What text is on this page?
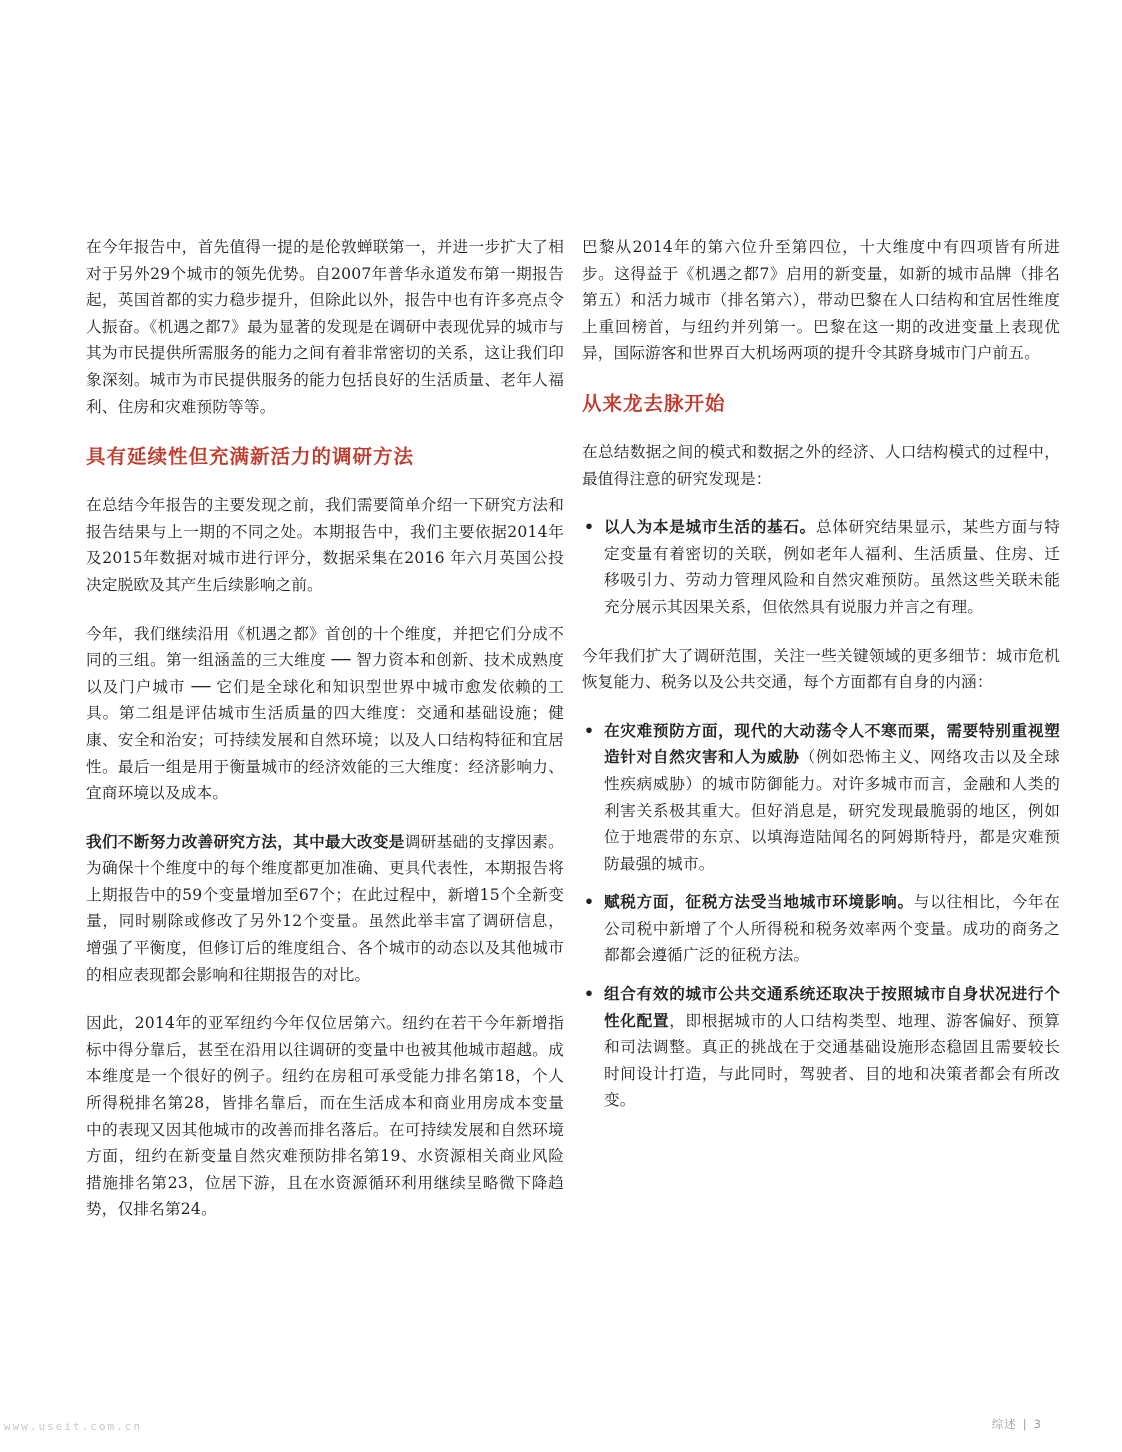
在今年报告中，首先值得一提的是伦敦蝉联第一，并进一步扩大了相对于另外29个城市的领先优势。自2007年普华永道发布第一期报告起，英国首都的实力稳步提升，但除此以外，报告中也有许多亮点令人振奋。《机遇之都7》最为显著的发现是在调研中表现优异的城市与其为市民提供所需服务的能力之间有着非常密切的关系，这让我们印象深刻。城市为市民提供服务的能力包括良好的生活质量、老年人福利、住房和灾难预防等等。

具有延续性但充满新活力的调研方法

在总结今年报告的主要发现之前，我们需要简单介绍一下研究方法和报告结果与上一期的不同之处。本期报告中，我们主要依据2014年及2015年数据对城市进行评分，数据采集在2016 年六月英国公投决定脱欧及其产生后续影响之前。

今年，我们继续沿用《机遇之都》首创的十个维度，并把它们分成不同的三组。第一组涵盖的三大维度 ── 智力资本和创新、技术成熟度以及门户城市 ── 它们是全球化和知识型世界中城市愈发依赖的工具。第二组是评估城市生活质量的四大维度：交通和基础设施；健康、安全和治安；可持续发展和自然环境；以及人口结构特征和宜居性。最后一组是用于衡量城市的经济效能的三大维度：经济影响力、宜商环境以及成本。

我们不断努力改善研究方法，其中最大改变是调研基础的支撑因素。为确保十个维度中的每个维度都更加准确、更具代表性，本期报告将上期报告中的59个变量增加至67个；在此过程中，新增15个全新变量，同时剔除或修改了另外12个变量。虽然此举丰富了调研信息，增强了平衡度，但修订后的维度组合、各个城市的动态以及其他城市的相应表现都会影响和往期报告的对比。

因此，2014年的亚军纽约今年仅位居第六。纽约在若干今年新增指标中得分靠后，甚至在沿用以往调研的变量中也被其他城市超越。成本维度是一个很好的例子。纽约在房租可承受能力排名第18，个人所得税排名第28，皆排名靠后，而在生活成本和商业用房成本变量中的表现又因其他城市的改善而排名落后。在可持续发展和自然环境方面，纽约在新变量自然灾难预防排名第19、水资源相关商业风险措施排名第23，位居下游，且在水资源循环利用继续呈略微下降趋势，仅排名第24。

巴黎从2014年的第六位升至第四位，十大维度中有四项皆有所进步。这得益于《机遇之都7》启用的新变量，如新的城市品牌（排名第五）和活力城市（排名第六），带动巴黎在人口结构和宜居性维度上重回榜首，与纽约并列第一。巴黎在这一期的改进变量上表现优异，国际游客和世界百大机场两项的提升令其跻身城市门户前五。

从来龙去脉开始

在总结数据之间的模式和数据之外的经济、人口结构模式的过程中，最值得注意的研究发现是：

• 以人为本是城市生活的基石。总体研究结果显示，某些方面与特定变量有着密切的关联，例如老年人福利、生活质量、住房、迁移吸引力、劳动力管理风险和自然灾难预防。虽然这些关联未能充分展示其因果关系，但依然具有说服力并言之有理。

今年我们扩大了调研范围，关注一些关键领域的更多细节：城市危机恢复能力、税务以及公共交通，每个方面都有自身的内涵：

• 在灾难预防方面，现代的大动荡令人不寒而栗，需要特别重视塑造针对自然灾害和人为威胁（例如恐怖主义、网络攻击以及全球性疾病威胁）的城市防御能力。对许多城市而言，金融和人类的利害关系极其重大。但好消息是，研究发现最脆弱的地区，例如位于地震带的东京、以填海造陆闻名的阿姆斯特丹，都是灾难预防最强的城市。
• 赋税方面，征税方法受当地城市环境影响。与以往相比，今年在公司税中新增了个人所得税和税务效率两个变量。成功的商务之都都会遵循广泛的征税方法。
• 组合有效的城市公共交通系统还取决于按照城市自身状况进行个性化配置，即根据城市的人口结构类型、地理、游客偏好、预算和司法调整。真正的挑战在于交通基础设施形态稳固且需要较长时间设计打造，与此同时，驾驶者、目的地和决策者都会有所改变。
综述 | 3
www.useit.com.cn
